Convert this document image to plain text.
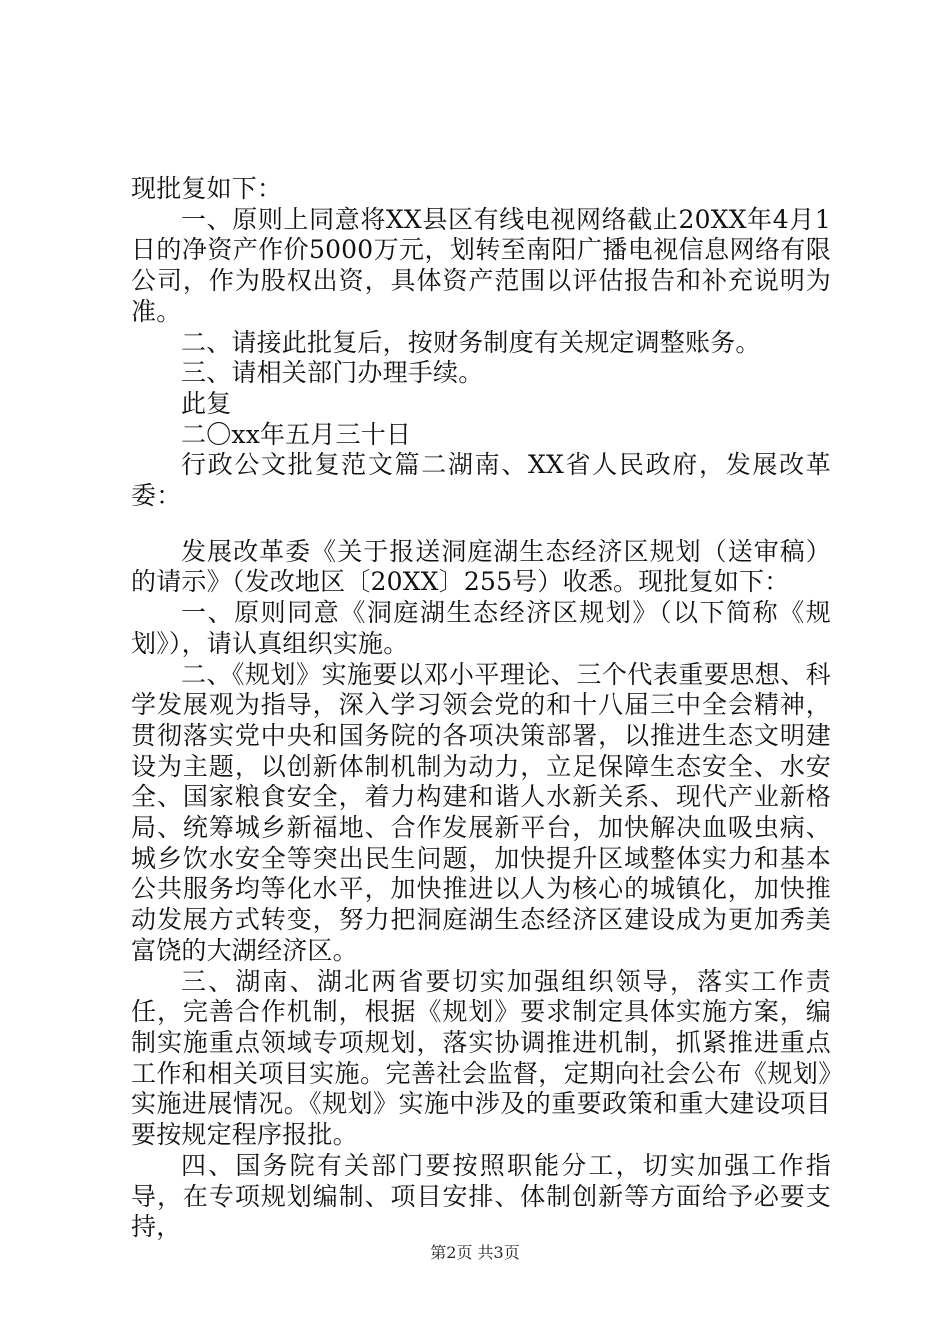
现批复如下：

一、原则上同意将XX县区有线电视网络截止20XX年4月1日的净资产作价5000万元，划转至南阳广播电视信息网络有限公司，作为股权出资，具体资产范围以评估报告和补充说明为准。

二、请接此批复后，按财务制度有关规定调整账务。

三、请相关部门办理手续。

此复

二〇xx年五月三十日

行政公文批复范文篇二湖南、XX省人民政府，发展改革委：

发展改革委《关于报送洞庭湖生态经济区规划（送审稿）的请示》（发改地区〔20XX〕255号）收悉。现批复如下：

一、原则同意《洞庭湖生态经济区规划》（以下简称《规划》），请认真组织实施。

二、《规划》实施要以邓小平理论、三个代表重要思想、科学发展观为指导，深入学习领会党的和十八届三中全会精神，贯彻落实党中央和国务院的各项决策部署，以推进生态文明建设为主题，以创新体制机制为动力，立足保障生态安全、水安全、国家粮食安全，着力构建和谐人水新关系、现代产业新格局、统筹城乡新福地、合作发展新平台，加快解决血吸虫病、城乡饮水安全等突出民生问题，加快提升区域整体实力和基本公共服务均等化水平，加快推进以人为核心的城镇化，加快推动发展方式转变，努力把洞庭湖生态经济区建设成为更加秀美富饶的大湖经济区。

三、湖南、湖北两省要切实加强组织领导，落实工作责任，完善合作机制，根据《规划》要求制定具体实施方案，编制实施重点领域专项规划，落实协调推进机制，抓紧推进重点工作和相关项目实施。完善社会监督，定期向社会公布《规划》实施进展情况。《规划》实施中涉及的重要政策和重大建设项目要按规定程序报批。

四、国务院有关部门要按照职能分工，切实加强工作指导，在专项规划编制、项目安排、体制创新等方面给予必要支持，

第2页 共3页
